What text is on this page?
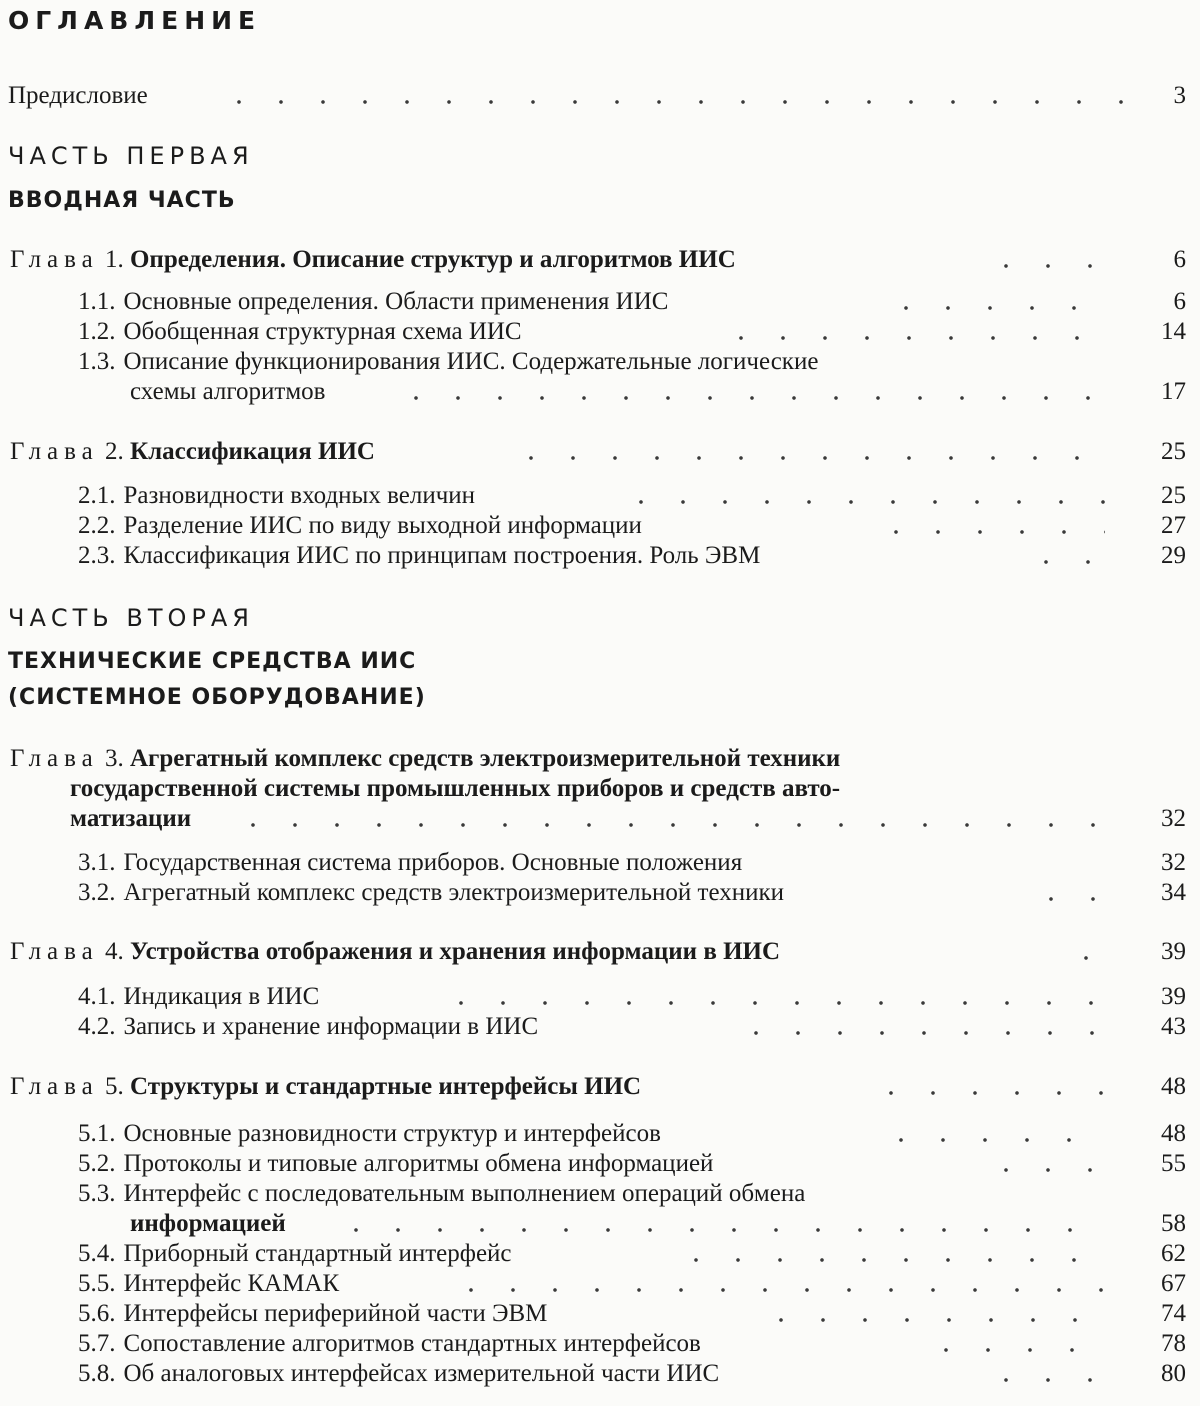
ОГЛАВЛЕНИЕ
Предисловие	3
ЧАСТЬ ПЕРВАЯ
ВВОДНАЯ ЧАСТЬ
Глава 1. Определения. Описание структур и алгоритмов ИИС	6
1.1. Основные определения. Области применения ИИС	6
1.2. Обобщенная структурная схема ИИС	14
1.3. Описание функционирования ИИС. Содержательные логические
схемы алгоритмов	17
Глава 2. Классификация ИИС	25
2.1. Разновидности входных величин	25
2.2. Разделение ИИС по виду выходной информации	27
2.3. Классификация ИИС по принципам построения. Роль ЭВМ	29
ЧАСТЬ ВТОРАЯ
ТЕХНИЧЕСКИЕ СРЕДСТВА ИИС
(СИСТЕМНОЕ ОБОРУДОВАНИЕ)
Глава 3. Агрегатный комплекс средств электроизмерительной техники
государственной системы промышленных приборов и средств авто-
матизации	32
3.1. Государственная система приборов. Основные положения	32
3.2. Агрегатный комплекс средств электроизмерительной техники	34
Глава 4. Устройства отображения и хранения информации в ИИС	39
4.1. Индикация в ИИС	39
4.2. Запись и хранение информации в ИИС	43
Глава 5. Структуры и стандартные интерфейсы ИИС	48
5.1. Основные разновидности структур и интерфейсов	48
5.2. Протоколы и типовые алгоритмы обмена информацией	55
5.3. Интерфейс с последовательным выполнением операций обмена
информацией	58
5.4. Приборный стандартный интерфейс	62
5.5. Интерфейс КАМАК	67
5.6. Интерфейсы периферийной части ЭВМ	74
5.7. Сопоставление алгоритмов стандартных интерфейсов	78
5.8. Об аналоговых интерфейсах измерительной части ИИС	80
